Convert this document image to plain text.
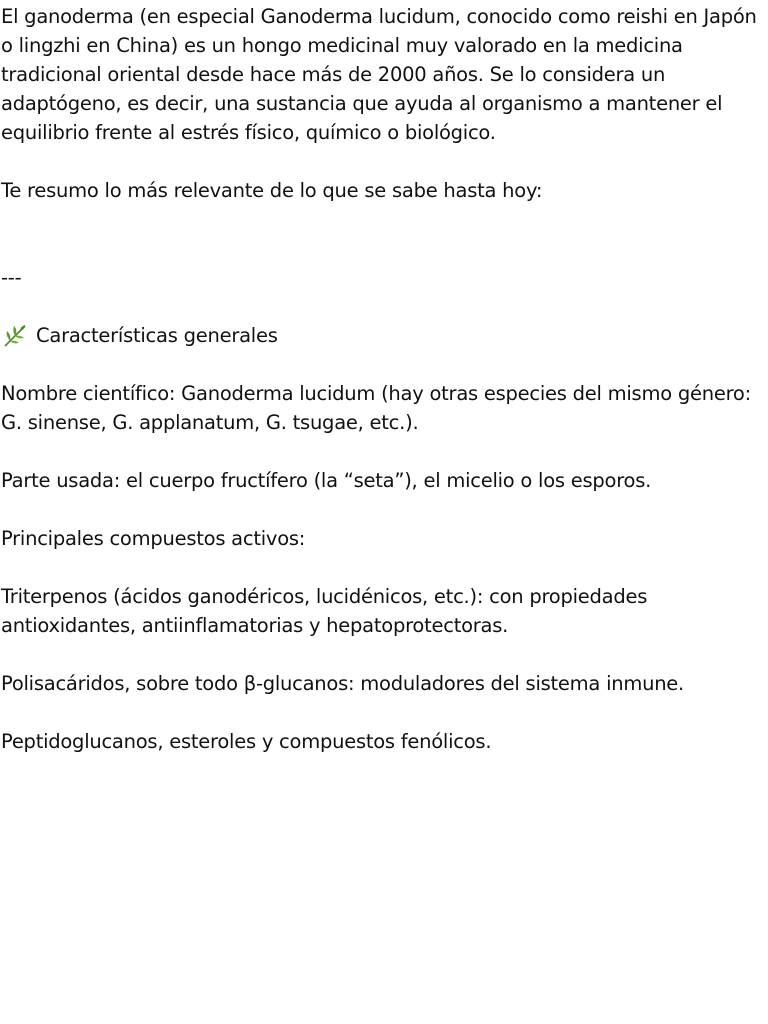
El ganoderma (en especial Ganoderma lucidum, conocido como reishi en Japón o lingzhi en China) es un hongo medicinal muy valorado en la medicina tradicional oriental desde hace más de 2000 años. Se lo considera un adaptógeno, es decir, una sustancia que ayuda al organismo a mantener el equilibrio frente al estrés físico, químico o biológico.

Te resumo lo más relevante de lo que se sabe hasta hoy:

---

Características generales

Nombre científico: Ganoderma lucidum (hay otras especies del mismo género: G. sinense, G. applanatum, G. tsugae, etc.).

Parte usada: el cuerpo fructífero (la “seta”), el micelio o los esporos.

Principales compuestos activos:

Triterpenos (ácidos ganodéricos, lucidénicos, etc.): con propiedades antioxidantes, antiinflamatorias y hepatoprotectoras.

Polisacáridos, sobre todo β-glucanos: moduladores del sistema inmune.

Peptidoglucanos, esteroles y compuestos fenólicos.
